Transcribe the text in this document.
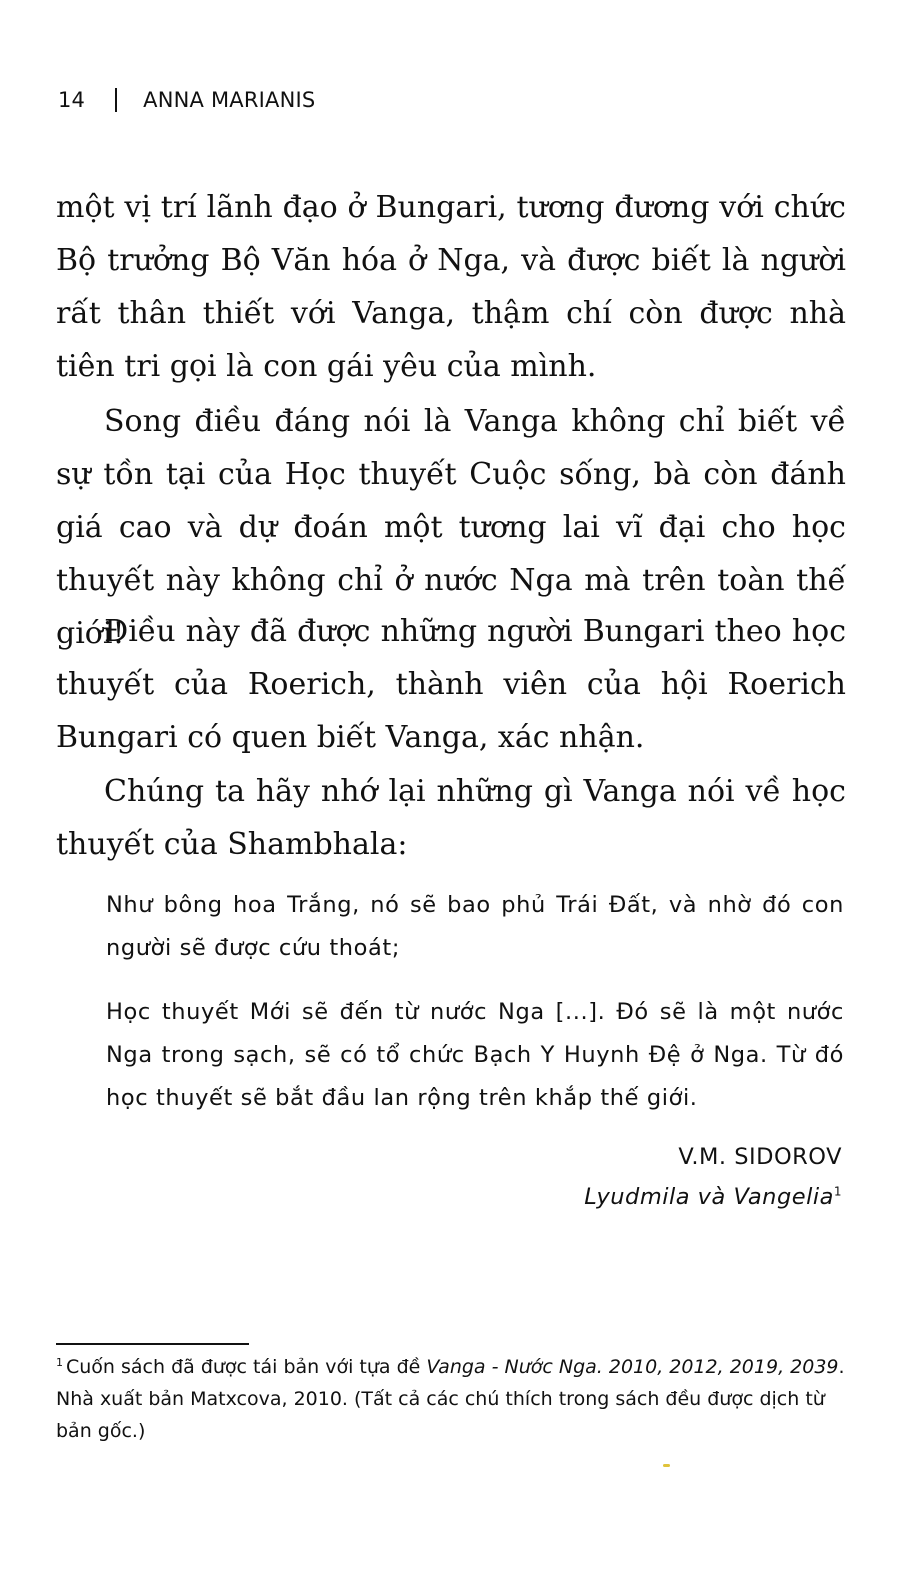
14	ANNA MARIANIS

một vị trí lãnh đạo ở Bungari, tương đương với chức Bộ trưởng Bộ Văn hóa ở Nga, và được biết là người rất thân thiết với Vanga, thậm chí còn được nhà tiên tri gọi là con gái yêu của mình.

Song điều đáng nói là Vanga không chỉ biết về sự tồn tại của Học thuyết Cuộc sống, bà còn đánh giá cao và dự đoán một tương lai vĩ đại cho học thuyết này không chỉ ở nước Nga mà trên toàn thế giới!

Điều này đã được những người Bungari theo học thuyết của Roerich, thành viên của hội Roerich Bungari có quen biết Vanga, xác nhận.

Chúng ta hãy nhớ lại những gì Vanga nói về học thuyết của Shambhala:

Như bông hoa Trắng, nó sẽ bao phủ Trái Đất, và nhờ đó con người sẽ được cứu thoát;

Học thuyết Mới sẽ đến từ nước Nga [...]. Đó sẽ là một nước Nga trong sạch, sẽ có tổ chức Bạch Y Huynh Đệ ở Nga. Từ đó học thuyết sẽ bắt đầu lan rộng trên khắp thế giới.

V.M. SIDOROV
Lyudmila và Vangelia$^1$

$^1$ Cuốn sách đã được tái bản với tựa đề Vanga - Nước Nga. 2010, 2012, 2019, 2039. Nhà xuất bản Matxcova, 2010. (Tất cả các chú thích trong sách đều được dịch từ bản gốc.)
